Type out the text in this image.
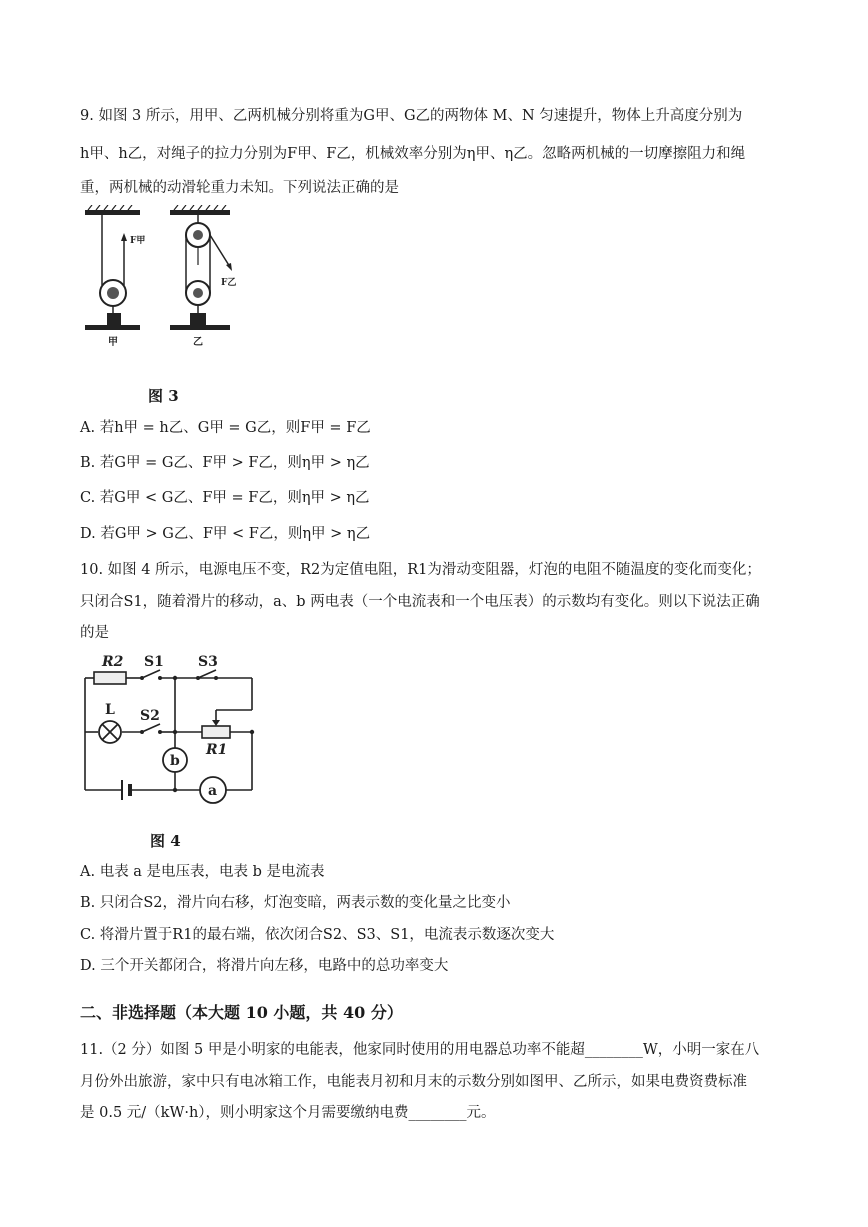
9. 如图 3 所示，用甲、乙两机械分别将重为G甲、G乙的两物体 M、N 匀速提升，物体上升高度分别为
h甲、h乙，对绳子的拉力分别为F甲、F乙，机械效率分别为η甲、η乙。忽略两机械的一切摩擦阻力和绳
重，两机械的动滑轮重力未知。下列说法正确的是
F甲
甲
F乙
乙
图 3
A. 若h甲 = h乙、G甲 = G乙，则F甲 = F乙
B. 若G甲 = G乙、F甲 > F乙，则η甲 > η乙
C. 若G甲 < G乙、F甲 = F乙，则η甲 > η乙
D. 若G甲 > G乙、F甲 < F乙，则η甲 > η乙
10. 如图 4 所示，电源电压不变，R2为定值电阻，R1为滑动变阻器，灯泡的电阻不随温度的变化而变化；
只闭合S1，随着滑片的移动，a、b 两电表（一个电流表和一个电压表）的示数均有变化。则以下说法正确
的是
b
a
R2 S1 S3
L S2
R1
图 4
A. 电表 a 是电压表，电表 b 是电流表
B. 只闭合S2，滑片向右移，灯泡变暗，两表示数的变化量之比变小
C. 将滑片置于R1的最右端，依次闭合S2、S3、S1，电流表示数逐次变大
D. 三个开关都闭合，将滑片向左移，电路中的总功率变大
二、非选择题（本大题 10 小题，共 40 分）
11.（2 分）如图 5 甲是小明家的电能表，他家同时使用的用电器总功率不能超________W，小明一家在八
月份外出旅游，家中只有电冰箱工作，电能表月初和月末的示数分别如图甲、乙所示，如果电费资费标准
是 0.5 元/（kW·h），则小明家这个月需要缴纳电费________元。
